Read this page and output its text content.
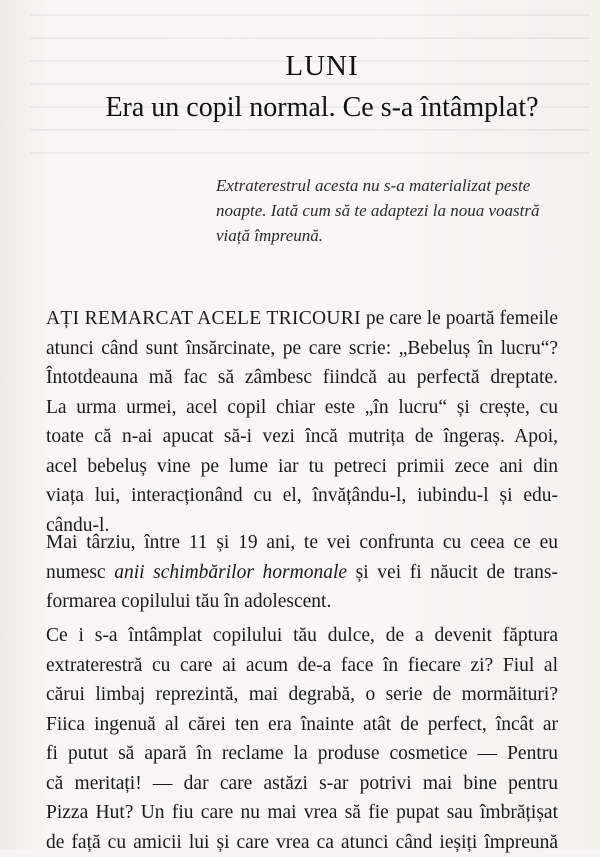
LUNI
Era un copil normal. Ce s-a întâmplat?
Extraterestrul acesta nu s-a materializat peste
noapte. Iată cum să te adaptezi la noua voastră
viață împreună.
AȚI REMARCAT ACELE TRICOURI pe care le poartă femeile
atunci când sunt însărcinate, pe care scrie: „Bebeluș în lucru“?
Întotdeauna mă fac să zâmbesc fiindcă au perfectă dreptate.
La urma urmei, acel copil chiar este „în lucru“ și crește, cu
toate că n-ai apucat să-i vezi încă mutrița de îngeraș. Apoi,
acel bebeluș vine pe lume iar tu petreci primii zece ani din
viața lui, interacționând cu el, învățându-l, iubindu-l și edu-
cându-l.
Mai târziu, între 11 și 19 ani, te vei confrunta cu ceea ce eu
numesc anii schimbărilor hormonale și vei fi năucit de trans-
formarea copilului tău în adolescent.
Ce i s-a întâmplat copilului tău dulce, de a devenit făptura
extraterestră cu care ai acum de-a face în fiecare zi? Fiul al
cărui limbaj reprezintă, mai degrabă, o serie de mormăituri?
Fiica ingenuă al cărei ten era înainte atât de perfect, încât ar
fi putut să apară în reclame la produse cosmetice — Pentru
că meritați! — dar care astăzi s-ar potrivi mai bine pentru
Pizza Hut? Un fiu care nu mai vrea să fie pupat sau îmbrățișat
de față cu amicii lui și care vrea ca atunci când ieșiți împreună
